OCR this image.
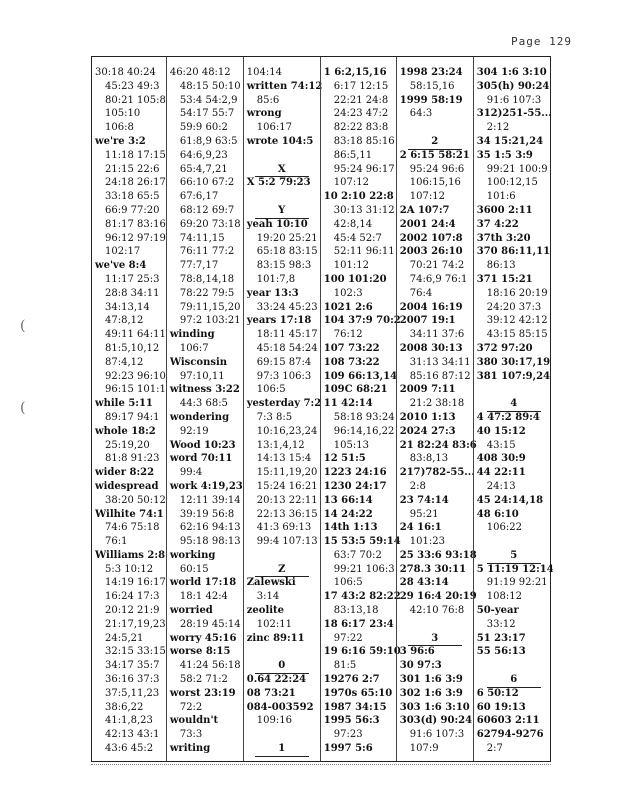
Page 129
(
(
30:18 40:24
45:23 49:3
80:21 105:8
105:10
106:8
we're 3:2
11:18 17:15
21:15 22:6
24:18 26:17
33:18 65:5
66:9 77:20
81:17 83:16
96:12 97:19
102:17
we've 8:4
11:17 25:3
28:8 34:11
34:13,14
47:8,12
49:11 64:11
81:5,10,12
87:4,12
92:23 96:10
96:15 101:1
while 5:11
89:17 94:1
whole 18:2
25:19,20
81:8 91:23
wider 8:22
widespread
38:20 50:12
Wilhite 74:1
74:6 75:18
76:1
Williams 2:8
5:3 10:12
14:19 16:17
16:24 17:3
20:12 21:9
21:17,19,23
24:5,21
32:15 33:15
34:17 35:7
36:16 37:3
37:5,11,23
38:6,22
41:1,8,23
42:13 43:1
43:6 45:2
46:20 48:12
48:15 50:10
53:4 54:2,9
54:17 55:7
59:9 60:2
61:8,9 63:5
64:6,9,23
65:4,7,21
66:10 67:2
67:6,17
68:12 69:7
69:20 73:18
74:11,15
76:11 77:2
77:7,17
78:8,14,18
78:22 79:5
79:11,15,20
97:2 103:21
winding
106:7
Wisconsin
97:10,11
witness 3:22
44:3 68:5
wondering
92:19
Wood 10:23
word 70:11
99:4
work 4:19,23
12:11 39:14
39:19 56:8
62:16 94:13
95:18 98:13
working
60:15
world 17:18
18:1 42:4
worried
28:19 45:14
worry 45:16
worse 8:15
41:24 56:18
58:2 71:2
worst 23:19
72:2
wouldn't
73:3
writing
104:14
written 74:12
85:6
wrong
106:17
wrote 104:5
X
X 5:2 79:23
Y
yeah 10:10
19:20 25:21
65:18 83:15
83:15 98:3
101:7,8
year 13:3
33:24 45:23
years 17:18
18:11 45:17
45:18 54:24
69:15 87:4
97:3 106:3
106:5
yesterday 7:2
7:3 8:5
10:16,23,24
13:1,4,12
14:13 15:4
15:11,19,20
15:24 16:21
20:13 22:11
22:13 36:15
41:3 69:13
99:4 107:13
Z
Zalewski
3:14
zeolite
102:11
zinc 89:11
0
0.64 22:24
08 73:21
084-003592
109:16
1
1 6:2,15,16
6:17 12:15
22:21 24:8
24:23 47:2
82:22 83:8
83:18 85:16
86:5,11
95:24 96:17
107:12
10 2:10 22:8
30:13 31:12
42:8,14
45:4 52:7
52:11 96:11
101:12
100 101:20
102:3
1021 2:6
104 37:9 70:2
76:12
107 73:22
108 73:22
109 66:13,14
109C 68:21
11 42:14
58:18 93:24
96:14,16,22
105:13
12 51:5
1223 24:16
1230 24:17
13 66:14
14 24:22
14th 1:13
15 53:5 59:14
63:7 70:2
99:21 106:3
106:5
17 43:2 82:22
83:13,18
18 6:17 23:4
97:22
19 6:16 59:10
81:5
19276 2:7
1970s 65:10
1987 34:15
1995 56:3
97:23
1997 5:6
1998 23:24
58:15,16
1999 58:19
64:3
2
2 6:15 58:21
95:24 96:6
106:15,16
107:12
2A 107:7
2001 24:4
2002 107:8
2003 26:10
70:21 74:2
74:6,9 76:1
76:4
2004 16:19
2007 19:1
34:11 37:6
2008 30:13
31:13 34:11
85:16 87:12
2009 7:11
21:2 38:18
2010 1:13
2024 27:3
21 82:24 83:6
83:8,13
217)782-55...
2:8
23 74:14
95:21
24 16:1
101:23
25 33:6 93:18
278.3 30:11
28 43:14
29 16:4 20:19
42:10 76:8
3
3 96:6
30 97:3
301 1:6 3:9
302 1:6 3:9
303 1:6 3:10
303(d) 90:24
91:6 107:3
107:9
304 1:6 3:10
305(h) 90:24
91:6 107:3
312)251-55...
2:12
34 15:21,24
35 1:5 3:9
99:21 100:9
100:12,15
101:6
3600 2:11
37 4:22
37th 3:20
370 86:11,11
86:13
371 15:21
18:16 20:19
24:20 37:3
39:12 42:12
43:15 85:15
372 97:20
380 30:17,19
381 107:9,24
4
4 47:2 89:4
40 15:12
43:15
408 30:9
44 22:11
24:13
45 24:14,18
48 6:10
106:22
5
5 11:19 12:14
91:19 92:21
108:12
50-year
33:12
51 23:17
55 56:13
6
6 50:12
60 19:13
60603 2:11
62794-9276
2:7
